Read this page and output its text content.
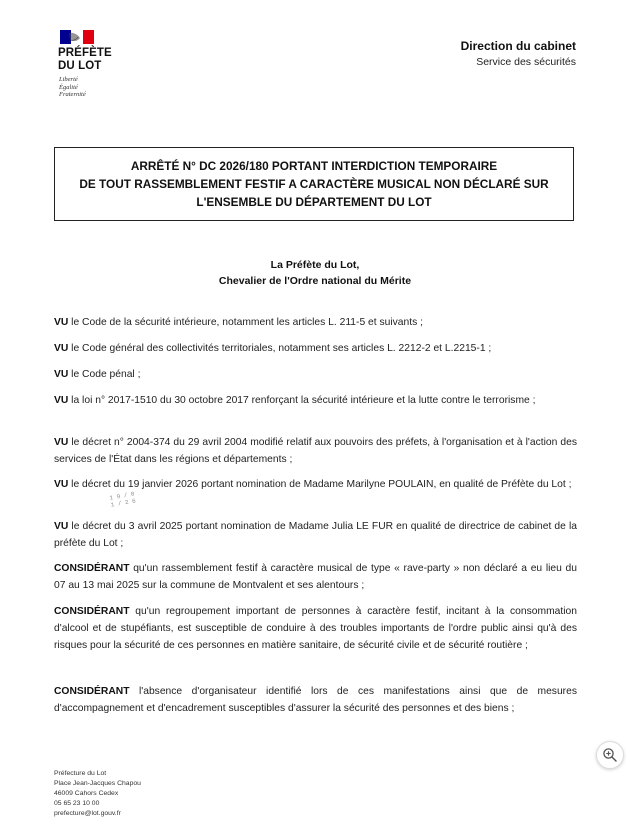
PRÉFÈTE
DU LOT
Liberté
Égalité
Fraternité
Direction du cabinet
Service des sécurités
ARRÊTÉ N° DC 2026/180 PORTANT INTERDICTION TEMPORAIRE
DE TOUT RASSEMBLEMENT FESTIF A CARACTÈRE MUSICAL NON DÉCLARÉ SUR
L'ENSEMBLE DU DÉPARTEMENT DU LOT
La Préfète du Lot,
Chevalier de l'Ordre national du Mérite

VU le Code de la sécurité intérieure, notamment les articles L. 211-5 et suivants ;

VU le Code général des collectivités territoriales, notamment ses articles L. 2212-2 et L.2215-1 ;

VU le Code pénal ;

VU la loi n° 2017-1510 du 30 octobre 2017 renforçant la sécurité intérieure et la lutte contre le terrorisme ;

VU le décret n° 2004-374 du 29 avril 2004 modifié relatif aux pouvoirs des préfets, à l'organisation et à l'action des services de l'État dans les régions et départements ;

VU le décret du 19 janvier 2026 portant nomination de Madame Marilyne POULAIN, en qualité de Préfète du Lot ;

1 9 / 0 1 / 2 6

VU le décret du 3 avril 2025 portant nomination de Madame Julia LE FUR en qualité de directrice de cabinet de la préfète du Lot ;

CONSIDÉRANT qu'un rassemblement festif à caractère musical de type « rave-party » non déclaré a eu lieu du 07 au 13 mai 2025 sur la commune de Montvalent et ses alentours ;

CONSIDÉRANT qu'un regroupement important de personnes à caractère festif, incitant à la consommation d'alcool et de stupéfiants, est susceptible de conduire à des troubles importants de l'ordre public ainsi qu'à des risques pour la sécurité de ces personnes en matière sanitaire, de sécurité civile et de sécurité routière ;

CONSIDÉRANT l'absence d'organisateur identifié lors de ces manifestations ainsi que de mesures d'accompagnement et d'encadrement susceptibles d'assurer la sécurité des personnes et des biens ;

Préfecture du Lot
Place Jean-Jacques Chapou
46009 Cahors Cedex
05 65 23 10 00
prefecture@lot.gouv.fr
